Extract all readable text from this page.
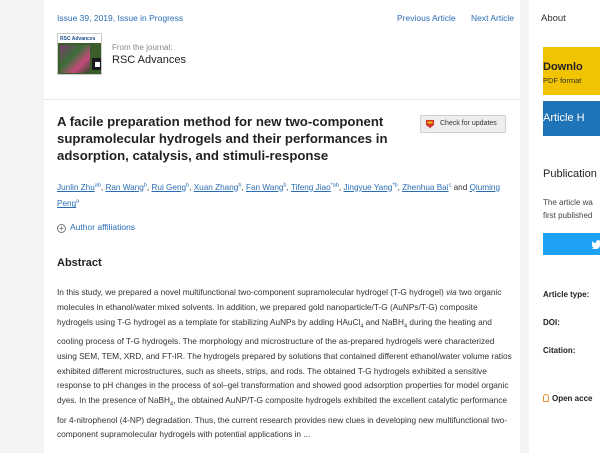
Issue 39, 2019, Issue in Progress	Previous Article Next Article
RSC Advances
From the journal:
RSC Advances
A facile preparation method for new two-component supramolecular hydrogels and their performances in adsorption, catalysis, and stimuli-response
Check for updates
Junlin Zhu$^{ab}$, Ran Wang$^b$, Rui Geng$^b$, Xuan Zhang$^b$, Fan Wang$^b$, Tifeng Jiao$^{*ab}$, Jingyue Yang$^{*b}$, Zhenhua Bai$^c$ and Qiuming Peng$^a$
+ Author affiliations
Abstract

In this study, we prepared a novel multifunctional two-component supramolecular hydrogel (T-G hydrogel) via two organic molecules in ethanol/water mixed solvents. In addition, we prepared gold nanoparticle/T-G (AuNPs/T-G) composite hydrogels using T-G hydrogel as a template for stabilizing AuNPs by adding HAuCl$_4$ and NaBH$_4$ during the heating and cooling process of T-G hydrogels. The morphology and microstructure of the as-prepared hydrogels were characterized using SEM, TEM, XRD, and FT-IR. The hydrogels prepared by solutions that contained different ethanol/water volume ratios exhibited different microstructures, such as sheets, strips, and rods. The obtained T-G hydrogels exhibited a sensitive response to pH changes in the process of sol–gel transformation and showed good adsorption properties for model organic dyes. In the presence of NaBH$_4$, the obtained AuNP/T-G composite hydrogels exhibited the excellent catalytic performance for 4-nitrophenol (4-NP) degradation. Thus, the current research provides new clues in developing new multifunctional two-component supramolecular hydrogels with potential applications in ...

About
Downlo
PDF format
Article H
Publication
The article wa
first published
Article type:
DOI:
Citation:
Open acce
